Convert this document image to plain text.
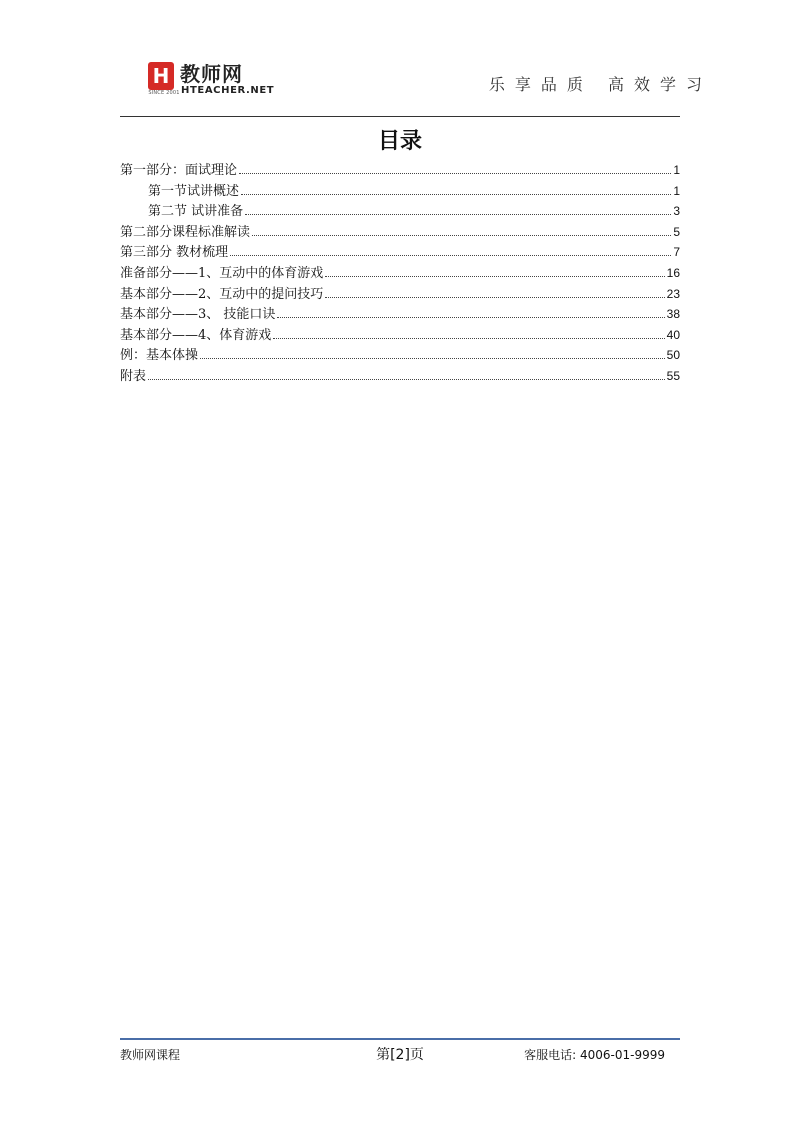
H
SINCE 2001
教师网
HTEACHER.NET	乐享品质 高效学习
目录
第一部分：面试理论	1
第一节试讲概述	1
第二节 试讲准备	3
第二部分课程标准解读	5
第三部分 教材梳理	7
准备部分——1、互动中的体育游戏	16
基本部分——2、互动中的提问技巧	23
基本部分——3、 技能口诀	38
基本部分——4、体育游戏	40
例：基本体操	50
附表	55
教师网课程	第[2]页	客服电话: 4006-01-9999
